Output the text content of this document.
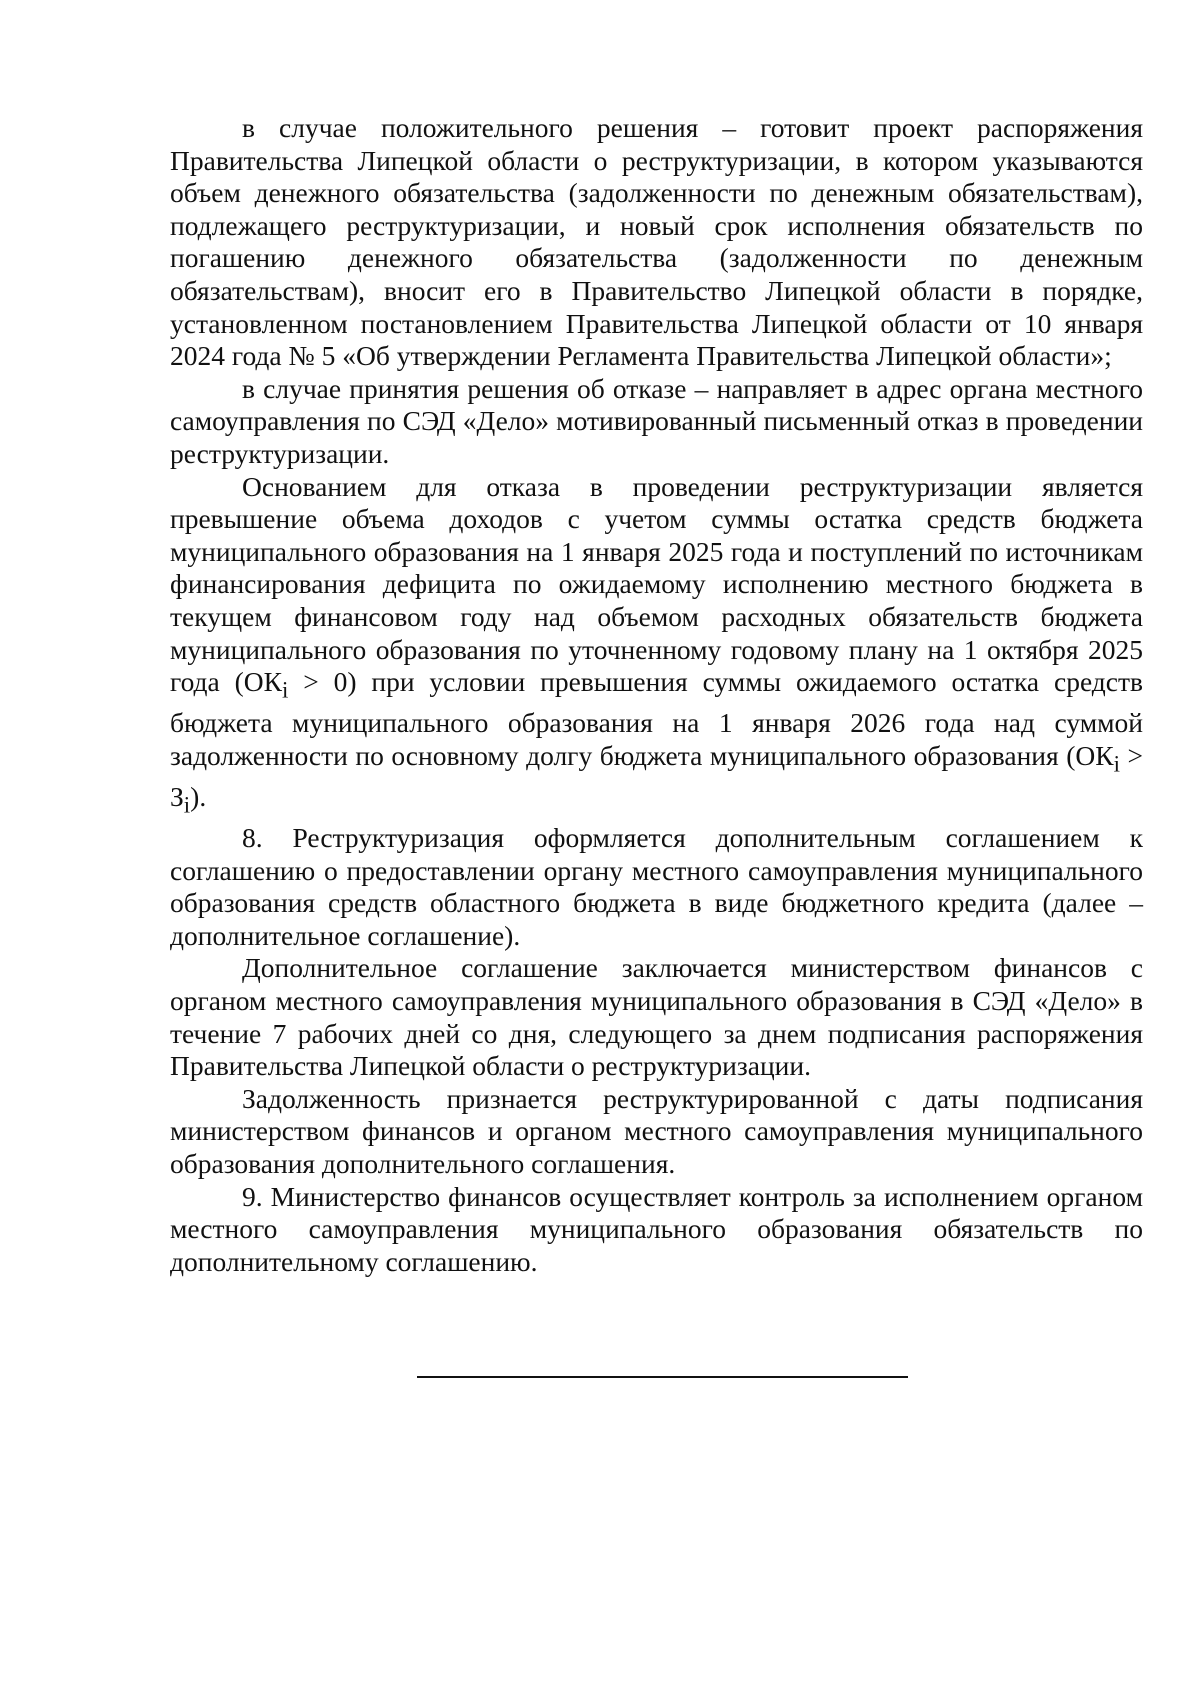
в случае положительного решения – готовит проект распоряжения Правительства Липецкой области о реструктуризации, в котором указываются объем денежного обязательства (задолженности по денежным обязательствам), подлежащего реструктуризации, и новый срок исполнения обязательств по погашению денежного обязательства (задолженности по денежным обязательствам), вносит его в Правительство Липецкой области в порядке, установленном постановлением Правительства Липецкой области от 10 января 2024 года № 5 «Об утверждении Регламента Правительства Липецкой области»;

в случае принятия решения об отказе – направляет в адрес органа местного самоуправления по СЭД «Дело» мотивированный письменный отказ в проведении реструктуризации.

Основанием для отказа в проведении реструктуризации является превышение объема доходов с учетом суммы остатка средств бюджета муниципального образования на 1 января 2025 года и поступлений по источникам финансирования дефицита по ожидаемому исполнению местного бюджета в текущем финансовом году над объемом расходных обязательств бюджета муниципального образования по уточненному годовому плану на 1 октября 2025 года $(ОК_i > 0)$ при условии превышения суммы ожидаемого остатка средств бюджета муниципального образования на 1 января 2026 года над суммой задолженности по основному долгу бюджета муниципального образования $(ОК_i > З_i)$.

8. Реструктуризация оформляется дополнительным соглашением к соглашению о предоставлении органу местного самоуправления муниципального образования средств областного бюджета в виде бюджетного кредита (далее – дополнительное соглашение).

Дополнительное соглашение заключается министерством финансов с органом местного самоуправления муниципального образования в СЭД «Дело» в течение 7 рабочих дней со дня, следующего за днем подписания распоряжения Правительства Липецкой области о реструктуризации.

Задолженность признается реструктурированной с даты подписания министерством финансов и органом местного самоуправления муниципального образования дополнительного соглашения.

9. Министерство финансов осуществляет контроль за исполнением органом местного самоуправления муниципального образования обязательств по дополнительному соглашению.
